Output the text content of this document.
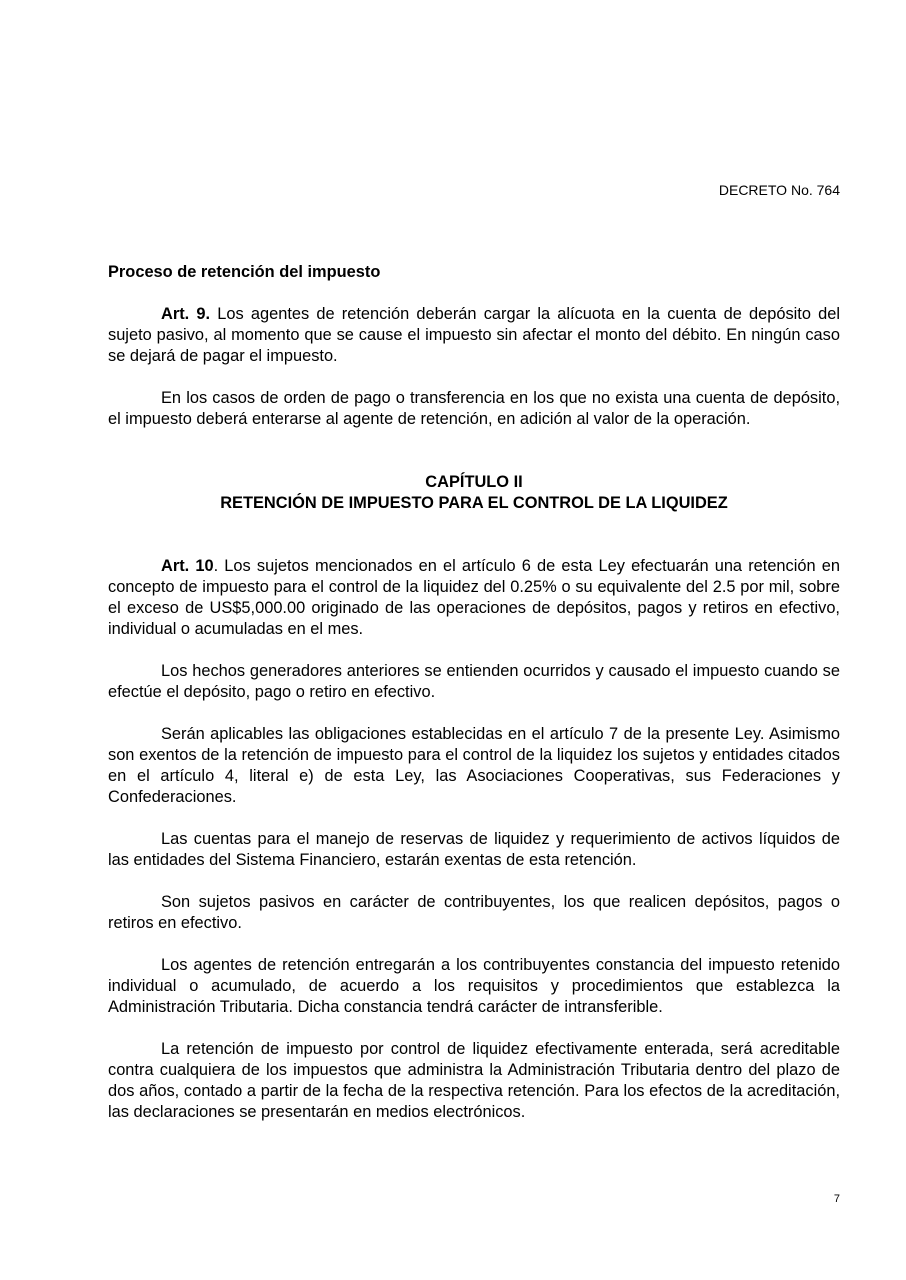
DECRETO No. 764
Proceso de retención del impuesto

Art. 9. Los agentes de retención deberán cargar la alícuota en la cuenta de depósito del sujeto pasivo, al momento que se cause el impuesto sin afectar el monto del débito. En ningún caso se dejará de pagar el impuesto.

En los casos de orden de pago o transferencia en los que no exista una cuenta de depósito, el impuesto deberá enterarse al agente de retención, en adición al valor de la operación.

CAPÍTULO II
RETENCIÓN DE IMPUESTO PARA EL CONTROL DE LA LIQUIDEZ

Art. 10. Los sujetos mencionados en el artículo 6 de esta Ley efectuarán una retención en concepto de impuesto para el control de la liquidez del 0.25% o su equivalente del 2.5 por mil, sobre el exceso de US$5,000.00 originado de las operaciones de depósitos, pagos y retiros en efectivo, individual o acumuladas en el mes.

Los hechos generadores anteriores se entienden ocurridos y causado el impuesto cuando se efectúe el depósito, pago o retiro en efectivo.

Serán aplicables las obligaciones establecidas en el artículo 7 de la presente Ley. Asimismo son exentos de la retención de impuesto para el control de la liquidez los sujetos y entidades citados en el artículo 4, literal e) de esta Ley, las Asociaciones Cooperativas, sus Federaciones y Confederaciones.

Las cuentas para el manejo de reservas de liquidez y requerimiento de activos líquidos de las entidades del Sistema Financiero, estarán exentas de esta retención.

Son sujetos pasivos en carácter de contribuyentes, los que realicen depósitos, pagos o retiros en efectivo.

Los agentes de retención entregarán a los contribuyentes constancia del impuesto retenido individual o acumulado, de acuerdo a los requisitos y procedimientos que establezca la Administración Tributaria. Dicha constancia tendrá carácter de intransferible.

La retención de impuesto por control de liquidez efectivamente enterada, será acreditable contra cualquiera de los impuestos que administra la Administración Tributaria dentro del plazo de dos años, contado a partir de la fecha de la respectiva retención. Para los efectos de la acreditación, las declaraciones se presentarán en medios electrónicos.

7
